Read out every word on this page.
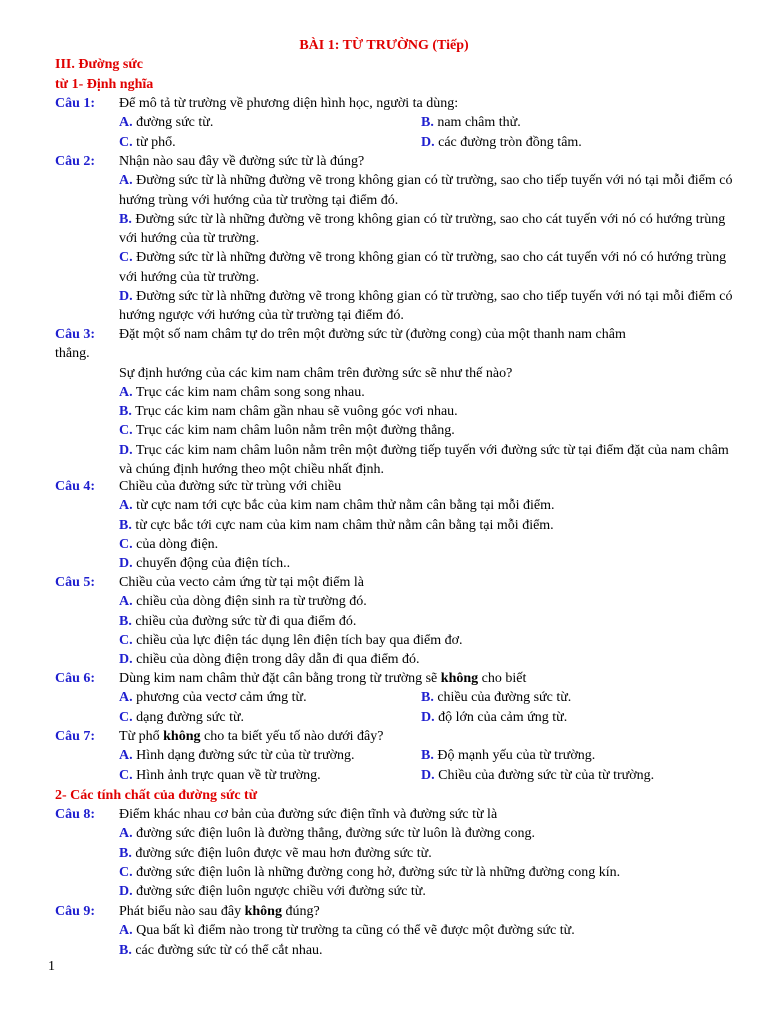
BÀI 1: TỪ TRƯỜNG (Tiếp)
III. Đường sức
từ 1- Định nghĩa
Câu 1: Để mô tả từ trường về phương diện hình học, người ta dùng:
A. đường sức từ.	B. nam châm thử.
C. từ phổ.	D. các đường tròn đồng tâm.
Câu 2: Nhận nào sau đây về đường sức từ là đúng?
A. Đường sức từ là những đường vẽ trong không gian có từ trường, sao cho tiếp tuyến với nó tại mỗi điểm có hướng trùng với hướng của từ trường tại điểm đó.
B. Đường sức từ là những đường vẽ trong không gian có từ trường, sao cho cát tuyến với nó có hướng trùng với hướng của từ trường.
C. Đường sức từ là những đường vẽ trong không gian có từ trường, sao cho cát tuyến với nó có hướng trùng với hướng của từ trường.
D. Đường sức từ là những đường vẽ trong không gian có từ trường, sao cho tiếp tuyến với nó tại mỗi điểm có hướng ngược với hướng của từ trường tại điểm đó.
Câu 3: Đặt một số nam châm tự do trên một đường sức từ (đường cong) của một thanh nam châm
thẳng.
Sự định hướng của các kim nam châm trên đường sức sẽ như thế nào?
A. Trục các kim nam châm song song nhau.
B. Trục các kim nam châm gần nhau sẽ vuông góc vơi nhau.
C. Trục các kim nam châm luôn nằm trên một đường thẳng.
D. Trục các kim nam châm luôn nằm trên một đường tiếp tuyến với đường sức từ tại điểm đặt của nam châm và chúng định hướng theo một chiều nhất định.
Câu 4: Chiều của đường sức từ trùng với chiều
A. từ cực nam tới cực bắc của kim nam châm thử nằm cân bằng tại mỗi điểm.
B. từ cực bắc tới cực nam của kim nam châm thử nằm cân bằng tại mỗi điểm.
C. của dòng điện.
D. chuyển động của điện tích..
Câu 5: Chiều của vecto cảm ứng từ tại một điểm là
A. chiều của dòng điện sinh ra từ trường đó.
B. chiều của đường sức từ đi qua điểm đó.
C. chiều của lực điện tác dụng lên điện tích bay qua điểm đơ.
D. chiều của dòng điện trong dây dẫn đi qua điểm đó.
Câu 6: Dùng kim nam châm thử đặt cân bằng trong từ trường sẽ không cho biết
A. phương của vectơ cảm ứng từ.	B. chiều của đường sức từ.
C. dạng đường sức từ.	D. độ lớn của cảm ứng từ.
Câu 7: Từ phổ không cho ta biết yếu tố nào dưới đây?
A. Hình dạng đường sức từ của từ trường.	B. Độ mạnh yếu của từ trường.
C. Hình ảnh trực quan về từ trường.	D. Chiều của đường sức từ của từ trường.
2- Các tính chất của đường sức từ
Câu 8: Điểm khác nhau cơ bản của đường sức điện tĩnh và đường sức từ là
A. đường sức điện luôn là đường thẳng, đường sức từ luôn là đường cong.
B. đường sức điện luôn được vẽ mau hơn đường sức từ.
C. đường sức điện luôn là những đường cong hở, đường sức từ là những đường cong kín.
D. đường sức điện luôn ngược chiều với đường sức từ.
Câu 9: Phát biểu nào sau đây không đúng?
A. Qua bất kì điểm nào trong từ trường ta cũng có thể vẽ được một đường sức từ.
B. các đường sức từ có thể cắt nhau.
1
